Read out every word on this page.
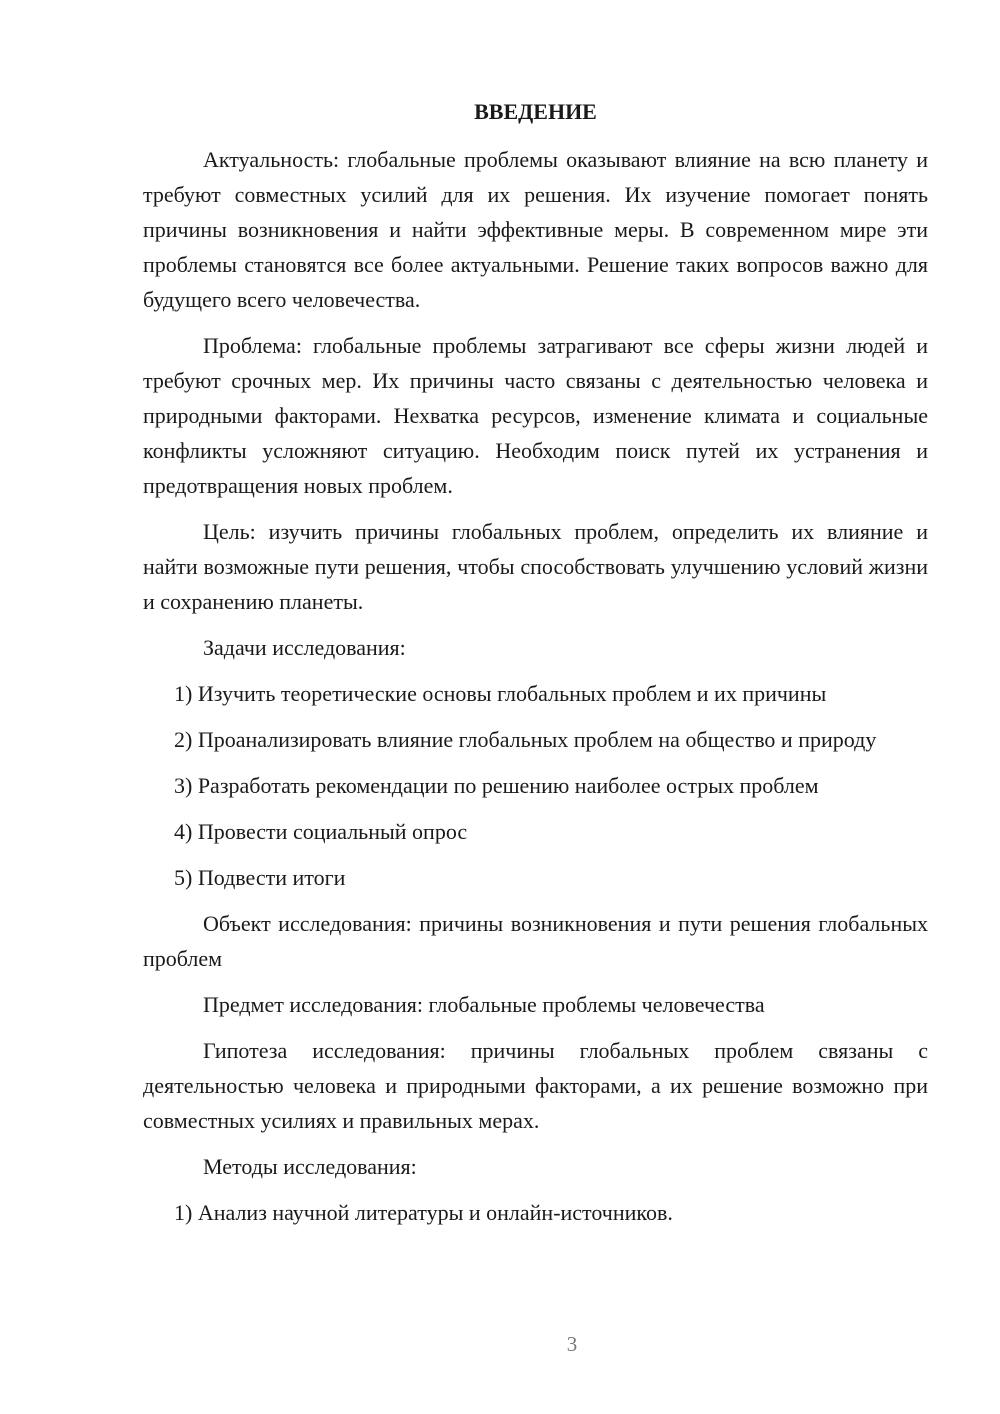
ВВЕДЕНИЕ

Актуальность: глобальные проблемы оказывают влияние на всю планету и требуют совместных усилий для их решения. Их изучение помогает понять причины возникновения и найти эффективные меры. В современном мире эти проблемы становятся все более актуальными. Решение таких вопросов важно для будущего всего человечества.

Проблема: глобальные проблемы затрагивают все сферы жизни людей и требуют срочных мер. Их причины часто связаны с деятельностью человека и природными факторами. Нехватка ресурсов, изменение климата и социальные конфликты усложняют ситуацию. Необходим поиск путей их устранения и предотвращения новых проблем.

Цель: изучить причины глобальных проблем, определить их влияние и найти возможные пути решения, чтобы способствовать улучшению условий жизни и сохранению планеты.

Задачи исследования:

1) Изучить теоретические основы глобальных проблем и их причины

2) Проанализировать влияние глобальных проблем на общество и природу

3) Разработать рекомендации по решению наиболее острых проблем

4) Провести социальный опрос

5) Подвести итоги

Объект исследования: причины возникновения и пути решения глобальных проблем

Предмет исследования: глобальные проблемы человечества

Гипотеза исследования: причины глобальных проблем связаны с деятельностью человека и природными факторами, а их решение возможно при совместных усилиях и правильных мерах.

Методы исследования:

1) Анализ научной литературы и онлайн-источников.

3
